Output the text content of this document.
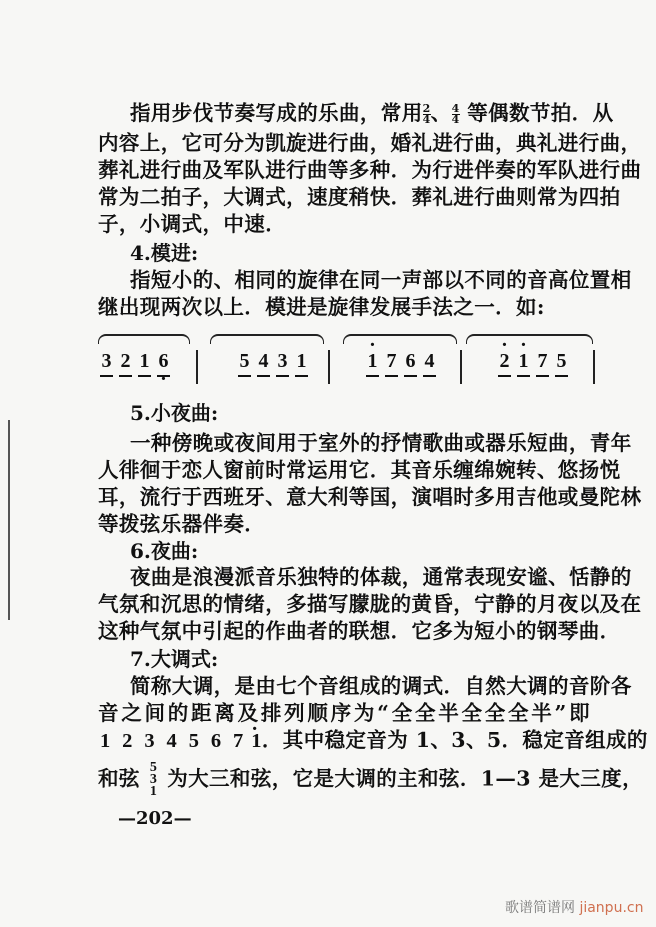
指用步伐节奏写成的乐曲，常用 $\frac{2}{4}$ 、 $\frac{4}{4}$ 等偶数节拍．从
内容上，它可分为凯旋进行曲，婚礼进行曲，典礼进行曲，
葬礼进行曲及军队进行曲等多种．为行进伴奏的军队进行曲
常为二拍子，大调式，速度稍快．葬礼进行曲则常为四拍
子，小调式，中速．
4.模进:
指短小的、相同的旋律在同一声部以不同的音高位置相
继出现两次以上．模进是旋律发展手法之一．如:
3 2 1 6 ·	5 4 3 1	· 1 7 6 4	· 2 · 1 7 5
5.小夜曲:
一种傍晚或夜间用于室外的抒情歌曲或器乐短曲，青年
人徘徊于恋人窗前时常运用它．其音乐缠绵婉转、悠扬悦
耳，流行于西班牙、意大利等国，演唱时多用吉他或曼陀林
等拨弦乐器伴奏．
6.夜曲:
夜曲是浪漫派音乐独特的体裁，通常表现安谧、恬静的
气氛和沉思的情绪，多描写朦胧的黄昏，宁静的月夜以及在
这种气氛中引起的作曲者的联想．它多为短小的钢琴曲．
7.大调式:
简称大调，是由七个音组成的调式．自然大调的音阶各
音之间的距离及排列顺序为“全全半全全全半”即
1 2 3 4 5 6 7 · 1．其中稳定音为 1、3、5．稳定音组成的
和弦 5
3
1
为大三和弦，它是大调的主和弦．1—3 是大三度，
—202—
歌谱简谱网 jianpu.cn
